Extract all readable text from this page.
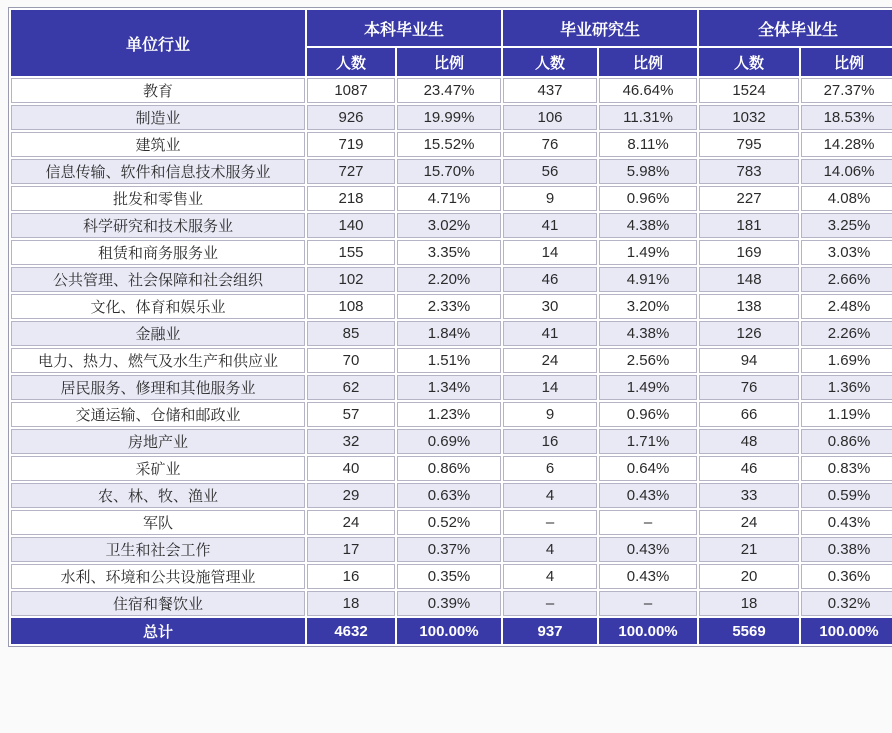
单位行业	本科毕业生		毕业研究生		全体毕业生	
	人数	比例	人数	比例	人数	比例
教育	1087	23.47%	437	46.64%	1524	27.37%
制造业	926	19.99%	106	11.31%	1032	18.53%
建筑业	719	15.52%	76	8.11%	795	14.28%
信息传输、软件和信息技术服务业	727	15.70%	56	5.98%	783	14.06%
批发和零售业	218	4.71%	9	0.96%	227	4.08%
科学研究和技术服务业	140	3.02%	41	4.38%	181	3.25%
租赁和商务服务业	155	3.35%	14	1.49%	169	3.03%
公共管理、社会保障和社会组织	102	2.20%	46	4.91%	148	2.66%
文化、体育和娱乐业	108	2.33%	30	3.20%	138	2.48%
金融业	85	1.84%	41	4.38%	126	2.26%
电力、热力、燃气及水生产和供应业	70	1.51%	24	2.56%	94	1.69%
居民服务、修理和其他服务业	62	1.34%	14	1.49%	76	1.36%
交通运输、仓储和邮政业	57	1.23%	9	0.96%	66	1.19%
房地产业	32	0.69%	16	1.71%	48	0.86%
采矿业	40	0.86%	6	0.64%	46	0.83%
农、林、牧、渔业	29	0.63%	4	0.43%	33	0.59%
军队	24	0.52%	–	–	24	0.43%
卫生和社会工作	17	0.37%	4	0.43%	21	0.38%
水利、环境和公共设施管理业	16	0.35%	4	0.43%	20	0.36%
住宿和餐饮业	18	0.39%	–	–	18	0.32%
总计	4632	100.00%	937	100.00%	5569	100.00%
